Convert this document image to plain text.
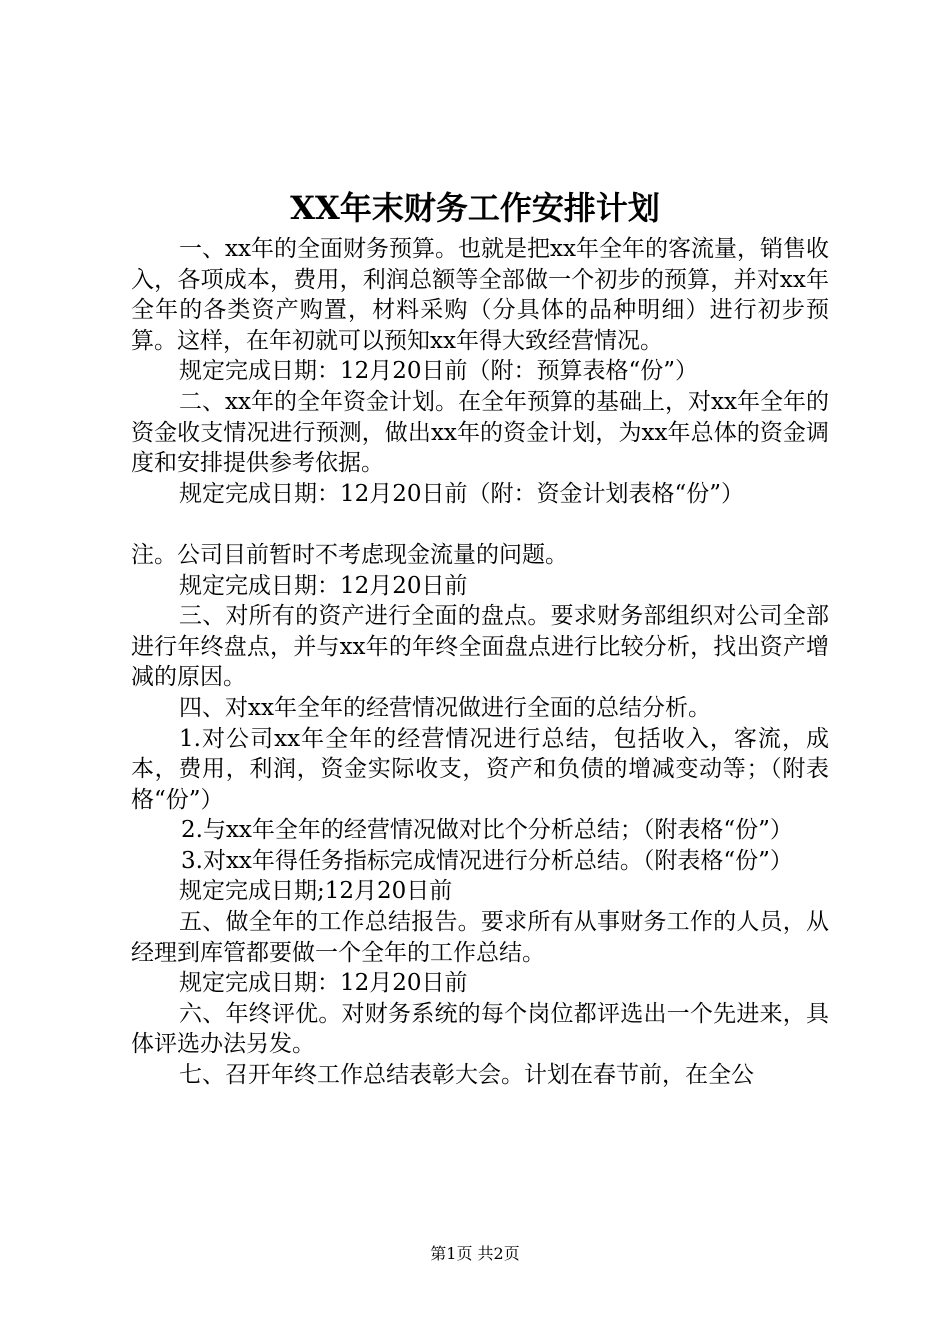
XX年末财务工作安排计划

一、xx年的全面财务预算。也就是把xx年全年的客流量，销售收入，各项成本，费用，利润总额等全部做一个初步的预算，并对xx年全年的各类资产购置，材料采购（分具体的品种明细）进行初步预算。这样，在年初就可以预知xx年得大致经营情况。

规定完成日期：12月20日前（附：预算表格“份”）

二、xx年的全年资金计划。在全年预算的基础上，对xx年全年的资金收支情况进行预测，做出xx年的资金计划，为xx年总体的资金调度和安排提供参考依据。

规定完成日期：12月20日前（附：资金计划表格“份”）

注。公司目前暂时不考虑现金流量的问题。

规定完成日期：12月20日前

三、对所有的资产进行全面的盘点。要求财务部组织对公司全部进行年终盘点，并与xx年的年终全面盘点进行比较分析，找出资产增减的原因。

四、对xx年全年的经营情况做进行全面的总结分析。

1.对公司xx年全年的经营情况进行总结，包括收入，客流，成本，费用，利润，资金实际收支，资产和负债的增减变动等；（附表格“份”）

2.与xx年全年的经营情况做对比个分析总结；（附表格“份”）

3.对xx年得任务指标完成情况进行分析总结。（附表格“份”）

规定完成日期;12月20日前

五、做全年的工作总结报告。要求所有从事财务工作的人员，从经理到库管都要做一个全年的工作总结。

规定完成日期：12月20日前

六、年终评优。对财务系统的每个岗位都评选出一个先进来，具体评选办法另发。

七、召开年终工作总结表彰大会。计划在春节前，在全公

第1页 共2页
